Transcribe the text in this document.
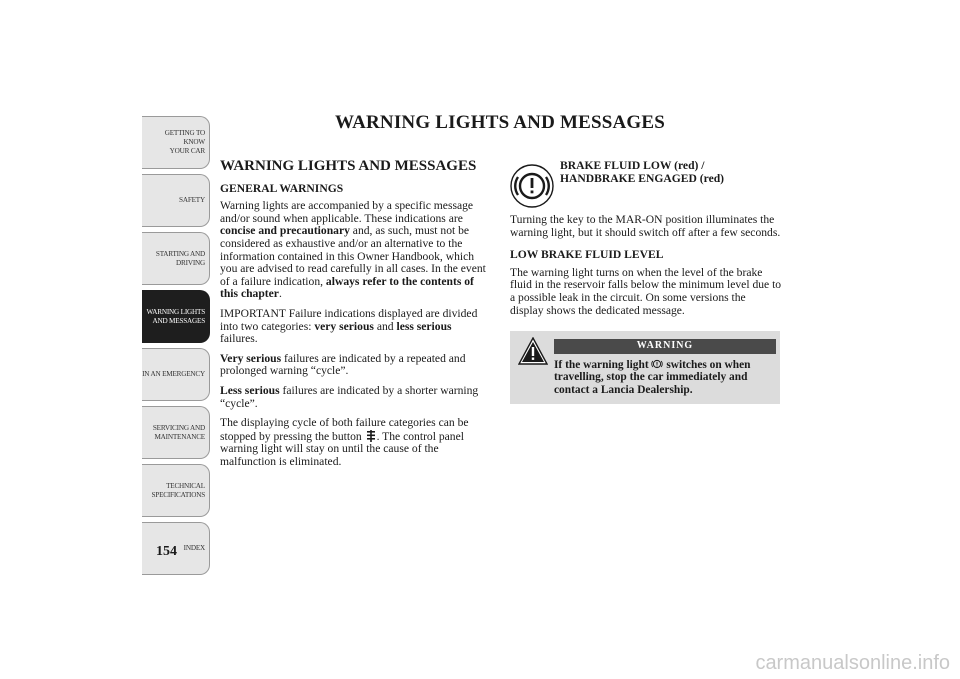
GETTING TO KNOW
YOUR CAR
SAFETY
STARTING AND
DRIVING
WARNING LIGHTS
AND MESSAGES
IN AN EMERGENCY
SERVICING AND
MAINTENANCE
TECHNICAL
SPECIFICATIONS
INDEX
154
WARNING LIGHTS AND MESSAGES
WARNING LIGHTS AND MESSAGES
GENERAL WARNINGS

Warning lights are accompanied by a specific message and/or sound when applicable. These indications are concise and precautionary and, as such, must not be considered as exhaustive and/or an alternative to the information contained in this Owner Handbook, which you are advised to read carefully in all cases. In the event of a failure indication, always refer to the contents of this chapter.

IMPORTANT Failure indications displayed are divided into two categories: very serious and less serious failures.

Very serious failures are indicated by a repeated and prolonged warning “cycle”.

Less serious failures are indicated by a shorter warning “cycle”.

The displaying cycle of both failure categories can be stopped by pressing the button . The control panel warning light will stay on until the cause of the malfunction is eliminated.

BRAKE FLUID LOW (red) /
HANDBRAKE ENGAGED (red)

Turning the key to the MAR-ON position illuminates the warning light, but it should switch off after a few seconds.

LOW BRAKE FLUID LEVEL

The warning light turns on when the level of the brake fluid in the reservoir falls below the minimum level due to a possible leak in the circuit. On some versions the display shows the dedicated message.

WARNING
If the warning light  switches on when travelling, stop the car immediately and contact a Lancia Dealership.
carmanualsonline.info
